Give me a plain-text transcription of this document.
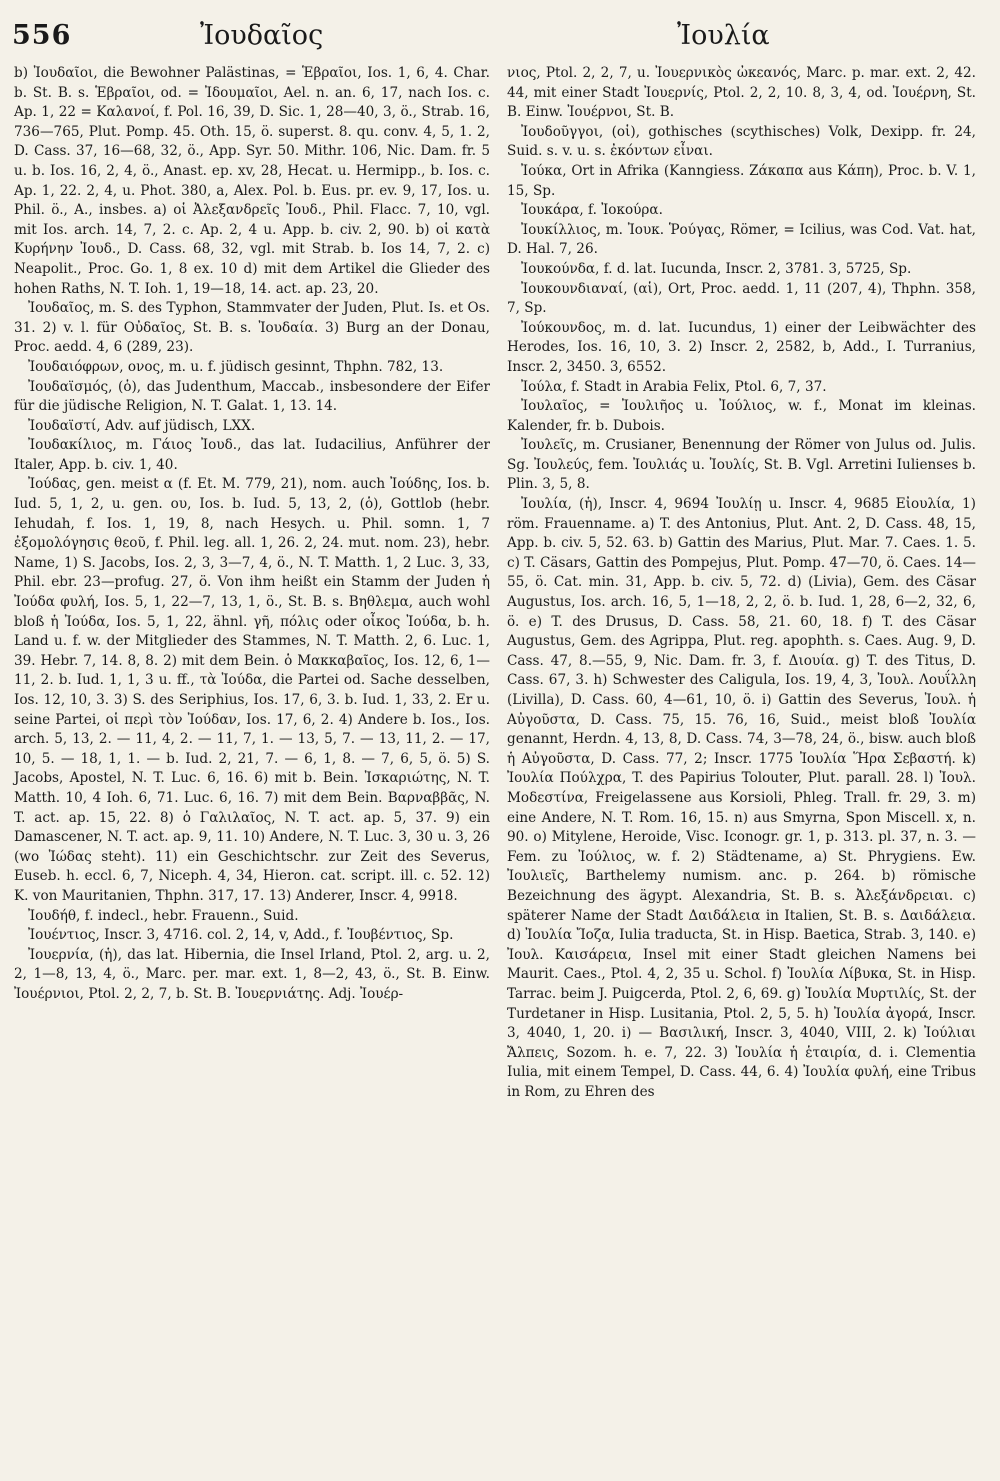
556	Ἰουδαῖος	Ἰουλία

b) Ἰουδαῖοι, die Bewohner Palästinas, = Ἑβραῖοι, Ios. 1, 6, 4. Char. b. St. B. s. Ἑβραῖοι, od. = Ἰδουμαῖοι, Ael. n. an. 6, 17, nach Ios. c. Ap. 1, 22 = Καλανοί, f. Pol. 16, 39, D. Sic. 1, 28—40, 3, ö., Strab. 16, 736—765, Plut. Pomp. 45. Oth. 15, ö. superst. 8. qu. conv. 4, 5, 1. 2, D. Cass. 37, 16—68, 32, ö., App. Syr. 50. Mithr. 106, Nic. Dam. fr. 5 u. b. Ios. 16, 2, 4, ö., Anast. ep. xv, 28, Hecat. u. Hermipp., b. Ios. c. Ap. 1, 22. 2, 4, u. Phot. 380, a, Alex. Pol. b. Eus. pr. ev. 9, 17, Ios. u. Phil. ö., A., insbes. a) οἱ Ἀλεξανδρεῖς Ἰουδ., Phil. Flacc. 7, 10, vgl. mit Ios. arch. 14, 7, 2. c. Ap. 2, 4 u. App. b. civ. 2, 90. b) οἱ κατὰ Κυρήνην Ἰουδ., D. Cass. 68, 32, vgl. mit Strab. b. Ios 14, 7, 2. c) Neapolit., Proc. Go. 1, 8 ex. 10 d) mit dem Artikel die Glieder des hohen Raths, N. T. Ioh. 1, 19—18, 14. act. ap. 23, 20.

Ἰουδαῖος, m. S. des Typhon, Stammvater der Juden, Plut. Is. et Os. 31. 2) v. l. für Οὐδαῖος, St. B. s. Ἰουδαία. 3) Burg an der Donau, Proc. aedd. 4, 6 (289, 23).

Ἰουδαιόφρων, ονος, m. u. f. jüdisch gesinnt, Thphn. 782, 13.

Ἰουδαϊσμός, (ὁ), das Judenthum, Maccab., insbesondere der Eifer für die jüdische Religion, N. T. Galat. 1, 13. 14.

Ἰουδαϊστί, Adv. auf jüdisch, LXX.

Ἰουδακίλιος, m. Γάιος Ἰουδ., das lat. Iudacilius, Anführer der Italer, App. b. civ. 1, 40.

Ἰούδας, gen. meist α (f. Et. M. 779, 21), nom. auch Ἰούδης, Ios. b. Iud. 5, 1, 2, u. gen. ου, Ios. b. Iud. 5, 13, 2, (ὁ), Gottlob (hebr. Iehudah, f. Ios. 1, 19, 8, nach Hesych. u. Phil. somn. 1, 7 ἐξομολόγησις θεοῦ, f. Phil. leg. all. 1, 26. 2, 24. mut. nom. 23), hebr. Name, 1) S. Jacobs, Ios. 2, 3, 3—7, 4, ö., N. T. Matth. 1, 2 Luc. 3, 33, Phil. ebr. 23—profug. 27, ö. Von ihm heißt ein Stamm der Juden ἡ Ἰούδα φυλή, Ios. 5, 1, 22—7, 13, 1, ö., St. B. s. Βηθλεμα, auch wohl bloß ἡ Ἰούδα, Ios. 5, 1, 22, ähnl. γῆ, πόλις oder οἶκος Ἰούδα, b. h. Land u. f. w. der Mitglieder des Stammes, N. T. Matth. 2, 6. Luc. 1, 39. Hebr. 7, 14. 8, 8. 2) mit dem Bein. ὁ Μακκαβαῖος, Ios. 12, 6, 1—11, 2. b. Iud. 1, 1, 3 u. ff., τὰ Ἰούδα, die Partei od. Sache desselben, Ios. 12, 10, 3. 3) S. des Seriphius, Ios. 17, 6, 3. b. Iud. 1, 33, 2. Er u. seine Partei, οἱ περὶ τὸν Ἰούδαν, Ios. 17, 6, 2. 4) Andere b. Ios., Ios. arch. 5, 13, 2. — 11, 4, 2. — 11, 7, 1. — 13, 5, 7. — 13, 11, 2. — 17, 10, 5. — 18, 1, 1. — b. Iud. 2, 21, 7. — 6, 1, 8. — 7, 6, 5, ö. 5) S. Jacobs, Apostel, N. T. Luc. 6, 16. 6) mit b. Bein. Ἰσκαριώτης, N. T. Matth. 10, 4 Ioh. 6, 71. Luc. 6, 16. 7) mit dem Bein. Βαρναββᾶς, N. T. act. ap. 15, 22. 8) ὁ Γαλιλαῖος, N. T. act. ap. 5, 37. 9) ein Damascener, N. T. act. ap. 9, 11. 10) Andere, N. T. Luc. 3, 30 u. 3, 26 (wo Ἰώδας steht). 11) ein Geschichtschr. zur Zeit des Severus, Euseb. h. eccl. 6, 7, Niceph. 4, 34, Hieron. cat. script. ill. c. 52. 12) K. von Mauritanien, Thphn. 317, 17. 13) Anderer, Inscr. 4, 9918.

Ἰουδήθ, f. indecl., hebr. Frauenn., Suid.

Ἰουέντιος, Inscr. 3, 4716. col. 2, 14, v, Add., f. Ἰουβέντιος, Sp.

Ἰουερνία, (ἡ), das lat. Hibernia, die Insel Irland, Ptol. 2, arg. u. 2, 2, 1—8, 13, 4, ö., Marc. per. mar. ext. 1, 8—2, 43, ö., St. B. Einw. Ἰουέρνιοι, Ptol. 2, 2, 7, b. St. B. Ἰουερνιάτης. Adj. Ἰουέρ-

νιος, Ptol. 2, 2, 7, u. Ἰουερνικὸς ὠκεανός, Marc. p. mar. ext. 2, 42. 44, mit einer Stadt Ἰουερνίς, Ptol. 2, 2, 10. 8, 3, 4, od. Ἰουέρνη, St. B. Einw. Ἰουέρνοι, St. B.

Ἰουδοῦγγοι, (οἱ), gothisches (scythisches) Volk, Dexipp. fr. 24, Suid. s. v. u. s. ἐκόντων εἶναι.

Ἰούκα, Ort in Afrika (Kanngiess. Ζάκαπα aus Κάπη), Proc. b. V. 1, 15, Sp.

Ἰουκάρα, f. Ἰοκούρα.

Ἰουκίλλιος, m. Ἰουκ. Ῥούγας, Römer, = Icilius, was Cod. Vat. hat, D. Hal. 7, 26.

Ἰουκούνδα, f. d. lat. Iucunda, Inscr. 2, 3781. 3, 5725, Sp.

Ἰουκουνδιαναί, (αἱ), Ort, Proc. aedd. 1, 11 (207, 4), Thphn. 358, 7, Sp.

Ἰούκουνδος, m. d. lat. Iucundus, 1) einer der Leibwächter des Herodes, Ios. 16, 10, 3. 2) Inscr. 2, 2582, b, Add., I. Turranius, Inscr. 2, 3450. 3, 6552.

Ἰούλα, f. Stadt in Arabia Felix, Ptol. 6, 7, 37.

Ἰουλαῖος, = Ἰουλιῆος u. Ἰούλιος, w. f., Monat im kleinas. Kalender, fr. b. Dubois.

Ἰουλεῖς, m. Crusianer, Benennung der Römer von Julus od. Julis. Sg. Ἰουλεύς, fem. Ἰουλιάς u. Ἰουλίς, St. B. Vgl. Arretini Iulienses b. Plin. 3, 5, 8.

Ἰουλία, (ἡ), Inscr. 4, 9694 Ἰουλίῃ u. Inscr. 4, 9685 Εἰουλία, 1) röm. Frauenname. a) T. des Antonius, Plut. Ant. 2, D. Cass. 48, 15, App. b. civ. 5, 52. 63. b) Gattin des Marius, Plut. Mar. 7. Caes. 1. 5. c) T. Cäsars, Gattin des Pompejus, Plut. Pomp. 47—70, ö. Caes. 14—55, ö. Cat. min. 31, App. b. civ. 5, 72. d) (Livia), Gem. des Cäsar Augustus, Ios. arch. 16, 5, 1—18, 2, 2, ö. b. Iud. 1, 28, 6—2, 32, 6, ö. e) T. des Drusus, D. Cass. 58, 21. 60, 18. f) T. des Cäsar Augustus, Gem. des Agrippa, Plut. reg. apophth. s. Caes. Aug. 9, D. Cass. 47, 8.—55, 9, Nic. Dam. fr. 3, f. Διουία. g) T. des Titus, D. Cass. 67, 3. h) Schwester des Caligula, Ios. 19, 4, 3, Ἰουλ. Λουΐλλη (Livilla), D. Cass. 60, 4—61, 10, ö. i) Gattin des Severus, Ἰουλ. ἡ Αὐγοῦστα, D. Cass. 75, 15. 76, 16, Suid., meist bloß Ἰουλία genannt, Herdn. 4, 13, 8, D. Cass. 74, 3—78, 24, ö., bisw. auch bloß ἡ Αὐγοῦστα, D. Cass. 77, 2; Inscr. 1775 Ἰουλία Ἥρα Σεβαστή. k) Ἰουλία Πούλχρα, T. des Papirius Tolouter, Plut. parall. 28. l) Ἰουλ. Μοδεστίνα, Freigelassene aus Korsioli, Phleg. Trall. fr. 29, 3. m) eine Andere, N. T. Rom. 16, 15. n) aus Smyrna, Spon Miscell. x, n. 90. o) Mitylene, Heroide, Visc. Iconogr. gr. 1, p. 313. pl. 37, n. 3. — Fem. zu Ἰούλιος, w. f. 2) Städtename, a) St. Phrygiens. Ew. Ἰουλιεῖς, Barthelemy numism. anc. p. 264. b) römische Bezeichnung des ägypt. Alexandria, St. B. s. Ἀλεξάνδρειαι. c) späterer Name der Stadt Δαιδάλεια in Italien, St. B. s. Δαιδάλεια. d) Ἰουλία Ἴοζα, Iulia traducta, St. in Hisp. Baetica, Strab. 3, 140. e) Ἰουλ. Καισάρεια, Insel mit einer Stadt gleichen Namens bei Maurit. Caes., Ptol. 4, 2, 35 u. Schol. f) Ἰουλία Λίβυκα, St. in Hisp. Tarrac. beim J. Puigcerda, Ptol. 2, 6, 69. g) Ἰουλία Μυρτιλίς, St. der Turdetaner in Hisp. Lusitania, Ptol. 2, 5, 5. h) Ἰουλία ἀγορά, Inscr. 3, 4040, 1, 20. i) — Βασιλική, Inscr. 3, 4040, VIII, 2. k) Ἰούλιαι Ἄλπεις, Sozom. h. e. 7, 22. 3) Ἰουλία ἡ ἑταιρία, d. i. Clementia Iulia, mit einem Tempel, D. Cass. 44, 6. 4) Ἰουλία φυλή, eine Tribus in Rom, zu Ehren des
